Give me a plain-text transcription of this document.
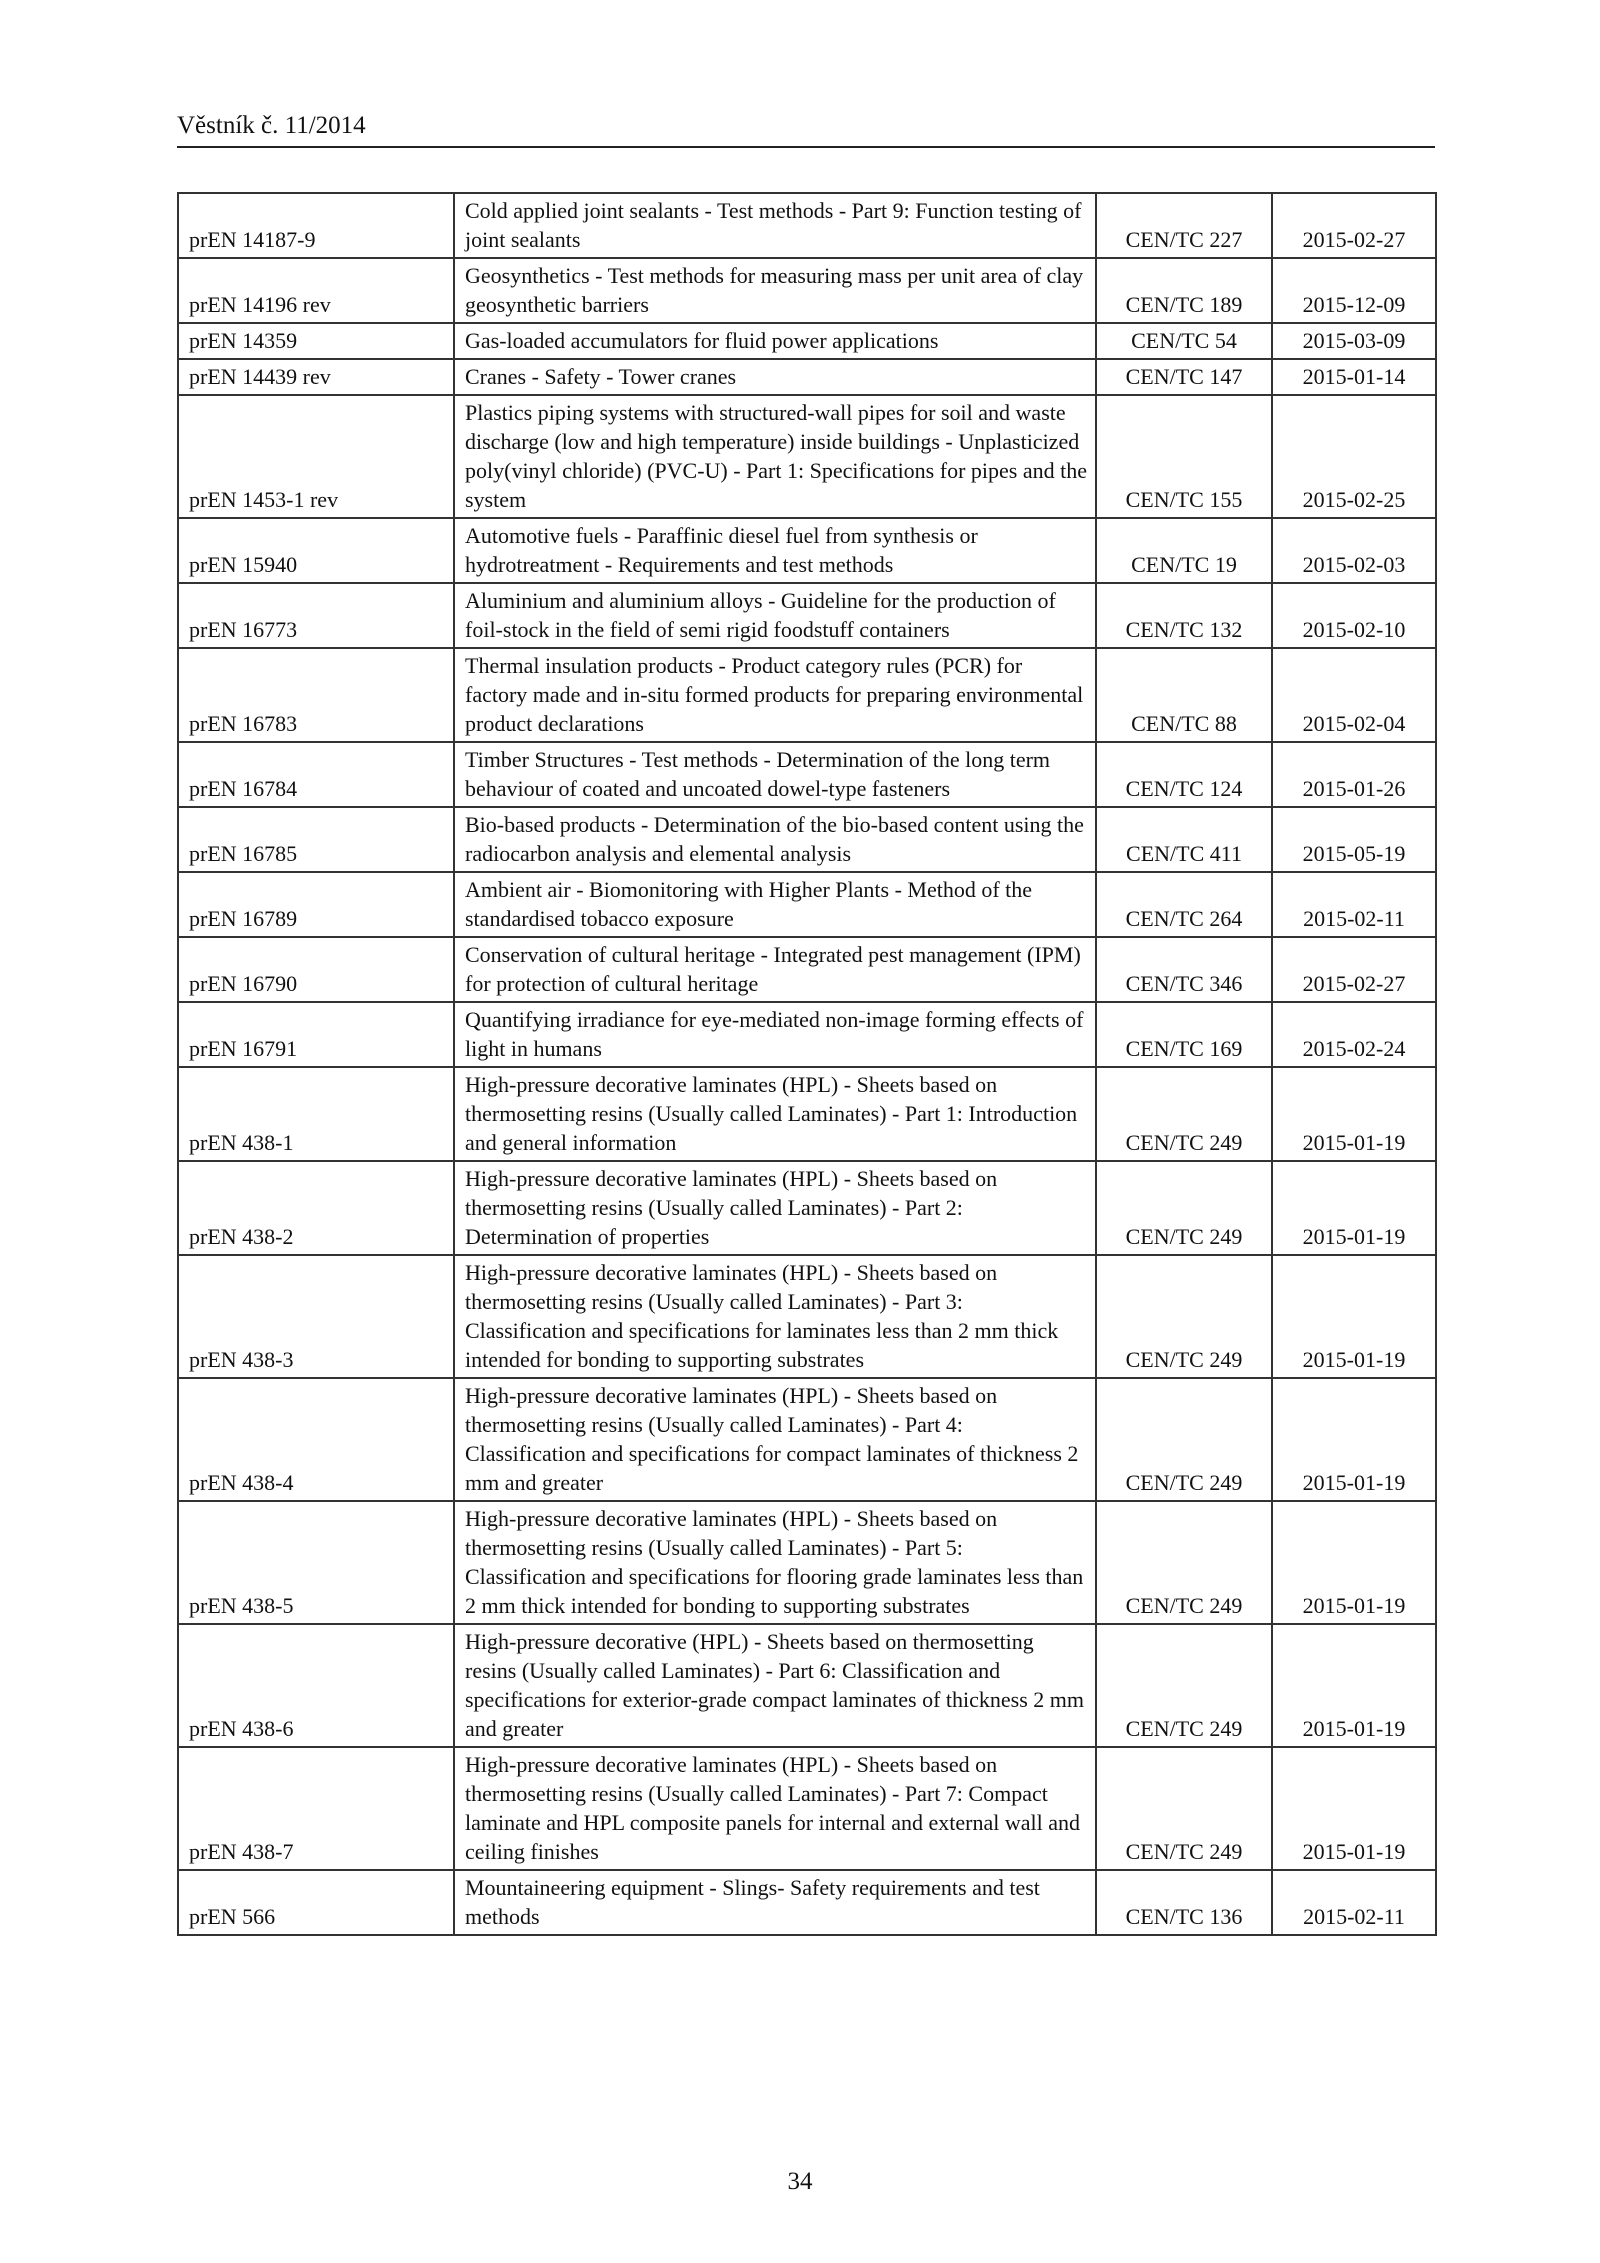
Věstník č. 11/2014
prEN 14187-9	Cold applied joint sealants - Test methods - Part 9: Function testing of joint sealants	CEN/TC 227	2015-02-27
prEN 14196 rev	Geosynthetics - Test methods for measuring mass per unit area of clay geosynthetic barriers	CEN/TC 189	2015-12-09
prEN 14359	Gas-loaded accumulators for fluid power applications	CEN/TC 54	2015-03-09
prEN 14439 rev	Cranes - Safety - Tower cranes	CEN/TC 147	2015-01-14
prEN 1453-1 rev	Plastics piping systems with structured-wall pipes for soil and waste discharge (low and high temperature) inside buildings - Unplasticized poly(vinyl chloride) (PVC-U) - Part 1: Specifications for pipes and the system	CEN/TC 155	2015-02-25
prEN 15940	Automotive fuels - Paraffinic diesel fuel from synthesis or hydrotreatment - Requirements and test methods	CEN/TC 19	2015-02-03
prEN 16773	Aluminium and aluminium alloys - Guideline for the production of foil-stock in the field of semi rigid foodstuff containers	CEN/TC 132	2015-02-10
prEN 16783	Thermal insulation products - Product category rules (PCR) for factory made and in-situ formed products for preparing environmental product declarations	CEN/TC 88	2015-02-04
prEN 16784	Timber Structures - Test methods - Determination of the long term behaviour of coated and uncoated dowel-type fasteners	CEN/TC 124	2015-01-26
prEN 16785	Bio-based products - Determination of the bio-based content using the radiocarbon analysis and elemental analysis	CEN/TC 411	2015-05-19
prEN 16789	Ambient air - Biomonitoring with Higher Plants - Method of the standardised tobacco exposure	CEN/TC 264	2015-02-11
prEN 16790	Conservation of cultural heritage - Integrated pest management (IPM) for protection of cultural heritage	CEN/TC 346	2015-02-27
prEN 16791	Quantifying irradiance for eye-mediated non-image forming effects of light in humans	CEN/TC 169	2015-02-24
prEN 438-1	High-pressure decorative laminates (HPL) - Sheets based on thermosetting resins (Usually called Laminates) - Part 1: Introduction and general information	CEN/TC 249	2015-01-19
prEN 438-2	High-pressure decorative laminates (HPL) - Sheets based on thermosetting resins (Usually called Laminates) - Part 2: Determination of properties	CEN/TC 249	2015-01-19
prEN 438-3	High-pressure decorative laminates (HPL) - Sheets based on thermosetting resins (Usually called Laminates) - Part 3: Classification and specifications for laminates less than 2 mm thick intended for bonding to supporting substrates	CEN/TC 249	2015-01-19
prEN 438-4	High-pressure decorative laminates (HPL) - Sheets based on thermosetting resins (Usually called Laminates) - Part 4: Classification and specifications for compact laminates of thickness 2 mm and greater	CEN/TC 249	2015-01-19
prEN 438-5	High-pressure decorative laminates (HPL) - Sheets based on thermosetting resins (Usually called Laminates) - Part 5: Classification and specifications for flooring grade laminates less than 2 mm thick intended for bonding to supporting substrates	CEN/TC 249	2015-01-19
prEN 438-6	High-pressure decorative (HPL) - Sheets based on thermosetting resins (Usually called Laminates) - Part 6: Classification and specifications for exterior-grade compact laminates of thickness 2 mm and greater	CEN/TC 249	2015-01-19
prEN 438-7	High-pressure decorative laminates (HPL) - Sheets based on thermosetting resins (Usually called Laminates) - Part 7: Compact laminate and HPL composite panels for internal and external wall and ceiling finishes	CEN/TC 249	2015-01-19
prEN 566	Mountaineering equipment - Slings- Safety requirements and test methods	CEN/TC 136	2015-02-11
34
